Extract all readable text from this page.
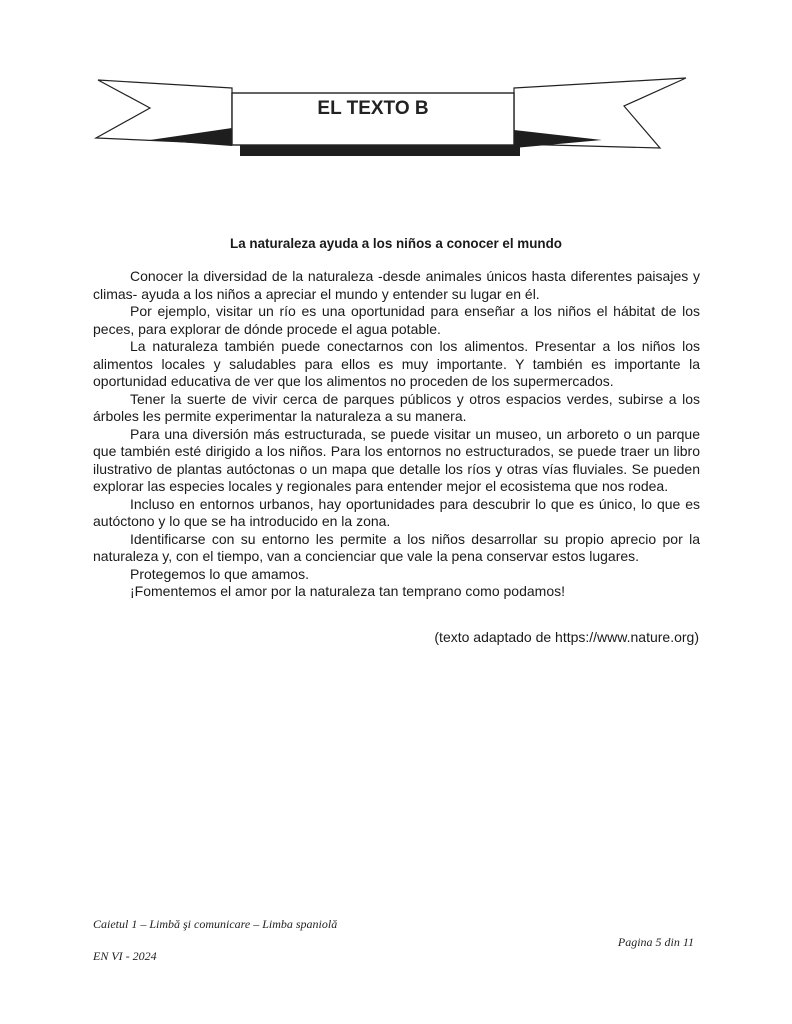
EL TEXTO B
La naturaleza ayuda a los niños a conocer el mundo

Conocer la diversidad de la naturaleza -desde animales únicos hasta diferentes paisajes y climas- ayuda a los niños a apreciar el mundo y entender su lugar en él.

Por ejemplo, visitar un río es una oportunidad para enseñar a los niños el hábitat de los peces, para explorar de dónde procede el agua potable.

La naturaleza también puede conectarnos con los alimentos. Presentar a los niños los alimentos locales y saludables para ellos es muy importante. Y también es importante la oportunidad educativa de ver que los alimentos no proceden de los supermercados.

Tener la suerte de vivir cerca de parques públicos y otros espacios verdes, subirse a los árboles les permite experimentar la naturaleza a su manera.

Para una diversión más estructurada, se puede visitar un museo, un arboreto o un parque que también esté dirigido a los niños. Para los entornos no estructurados, se puede traer un libro ilustrativo de plantas autóctonas o un mapa que detalle los ríos y otras vías fluviales. Se pueden explorar las especies locales y regionales para entender mejor el ecosistema que nos rodea.

Incluso en entornos urbanos, hay oportunidades para descubrir lo que es único, lo que es autóctono y lo que se ha introducido en la zona.

Identificarse con su entorno les permite a los niños desarrollar su propio aprecio por la naturaleza y, con el tiempo, van a concienciar que vale la pena conservar estos lugares.

Protegemos lo que amamos.

¡Fomentemos el amor por la naturaleza tan temprano como podamos!

(texto adaptado de https://www.nature.org)
Caietul 1 – Limbă şi comunicare – Limba spaniolă
Pagina 5 din 11
EN VI - 2024
